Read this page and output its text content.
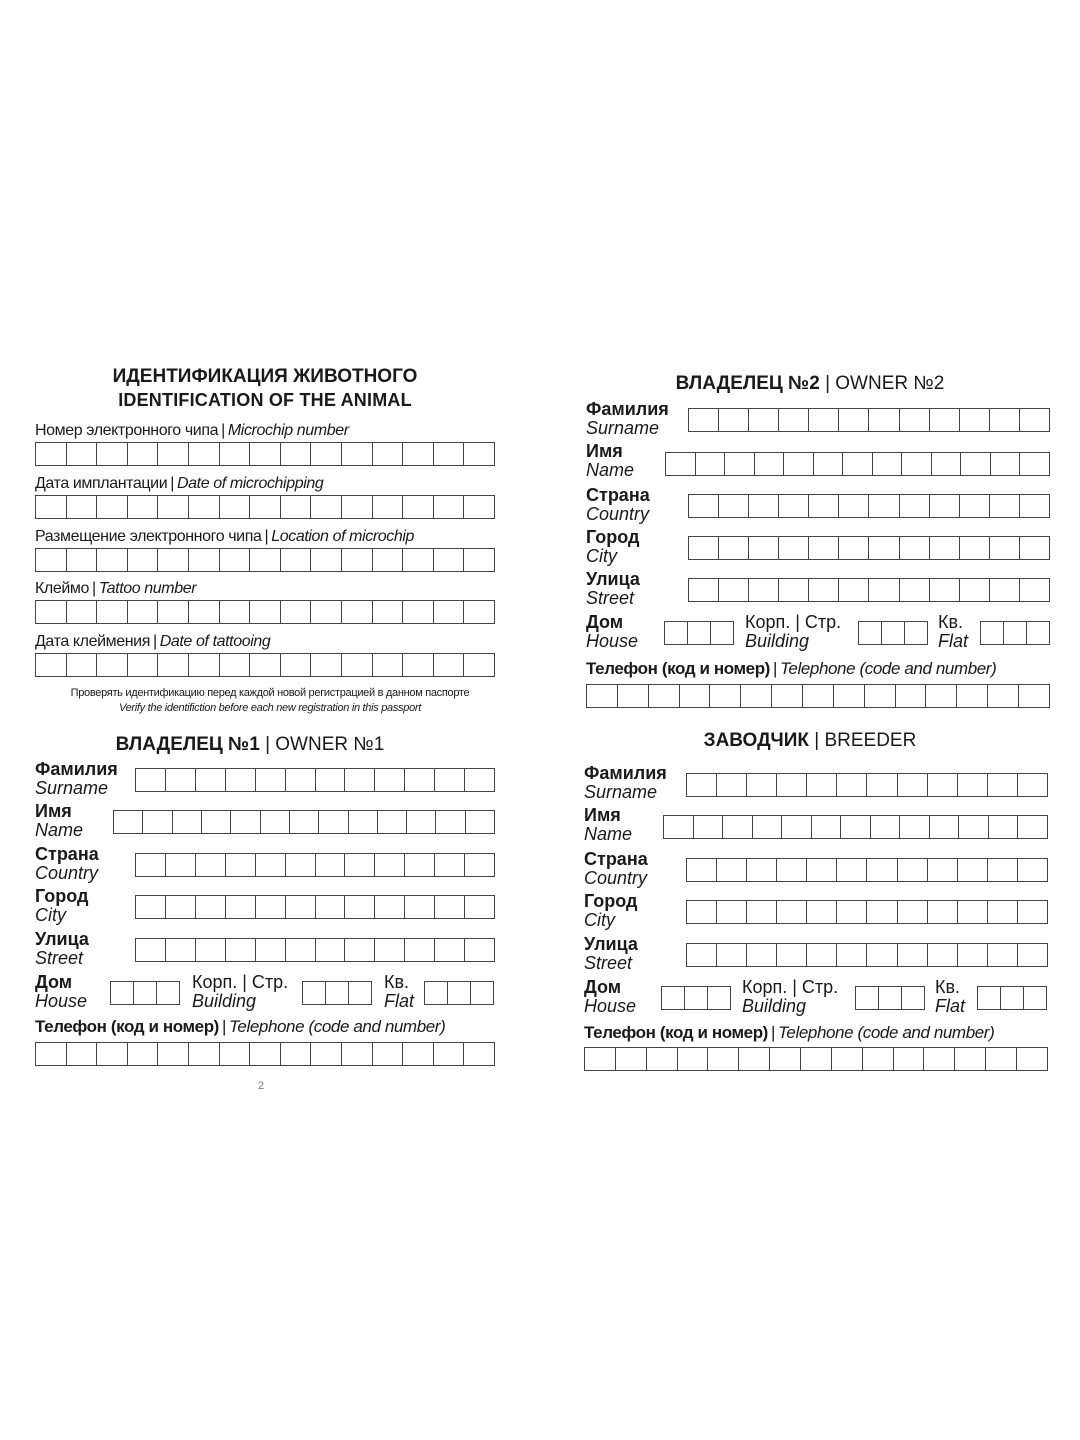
ИДЕНТИФИКАЦИЯ ЖИВОТНОГО
IDENTIFICATION OF THE ANIMAL
Номер электронного чипа | Microchip number
Дата имплантации | Date of microchipping
Размещение электронного чипа | Location of microchip
Клеймо | Tattoo number
Дата клеймения | Date of tattooing
Проверять идентификацию перед каждой новой регистрацией в данном паспорте
Verify the identifiction before each new registration in this passport
ВЛАДЕЛЕЦ №1 | OWNER №1
Фамилия
Surname
Имя
Name
Страна
Country
Город
City
Улица
Street
Дом
House
Корп. | Стр.
Building
Кв.
Flat
Телефон (код и номер) | Telephone (code and number)
2
ВЛАДЕЛЕЦ №2 | OWNER №2
Фамилия
Surname
Имя
Name
Страна
Country
Город
City
Улица
Street
Дом
House
Корп. | Стр.
Building
Кв.
Flat
Телефон (код и номер) | Telephone (code and number)
ЗАВОДЧИК | BREEDER
Фамилия
Surname
Имя
Name
Страна
Country
Город
City
Улица
Street
Дом
House
Корп. | Стр.
Building
Кв.
Flat
Телефон (код и номер) | Telephone (code and number)
